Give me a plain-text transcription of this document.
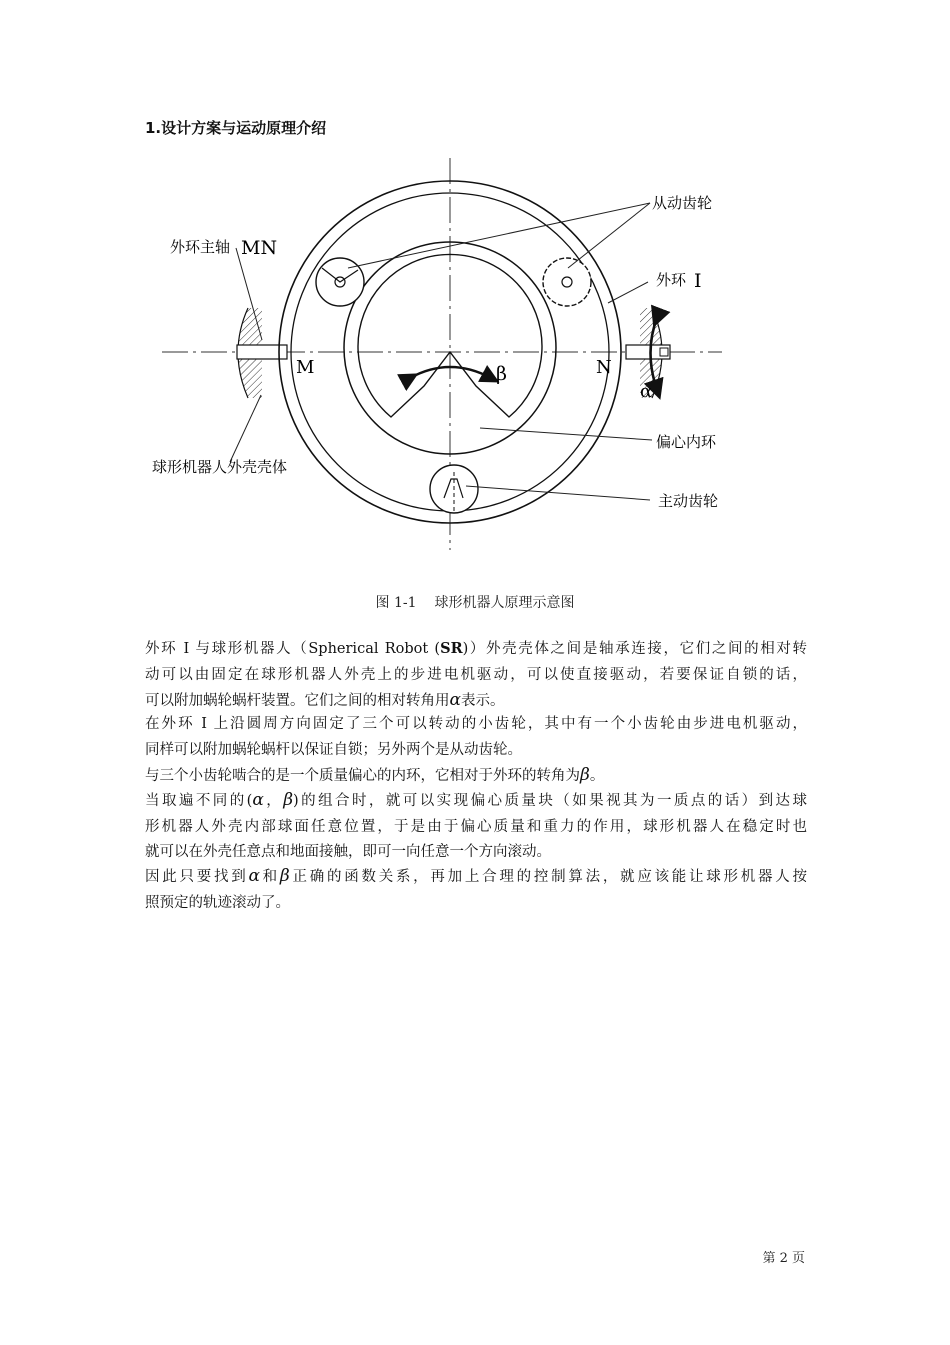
1.设计方案与运动原理介绍
从动齿轮
外环主轴 MN
外环 I
M	N
β
α
偏心内环
球形机器人外壳壳体
主动齿轮
图 1-1 球形机器人原理示意图
外环 I 与球形机器人（Spherical Robot (SR)）外壳壳体之间是轴承连接，它们之间的相对转
动可以由固定在球形机器人外壳上的步进电机驱动，可以使直接驱动，若要保证自锁的话，
可以附加蜗轮蜗杆装置。它们之间的相对转角用α表示。
在外环 I 上沿圆周方向固定了三个可以转动的小齿轮，其中有一个小齿轮由步进电机驱动，
同样可以附加蜗轮蜗杆以保证自锁；另外两个是从动齿轮。
与三个小齿轮啮合的是一个质量偏心的内环，它相对于外环的转角为β。
当取遍不同的(α，β)的组合时，就可以实现偏心质量块（如果视其为一质点的话）到达球
形机器人外壳内部球面任意位置，于是由于偏心质量和重力的作用，球形机器人在稳定时也
就可以在外壳任意点和地面接触，即可一向任意一个方向滚动。
因此只要找到α和β正确的函数关系，再加上合理的控制算法，就应该能让球形机器人按
照预定的轨迹滚动了。
第 2 页
